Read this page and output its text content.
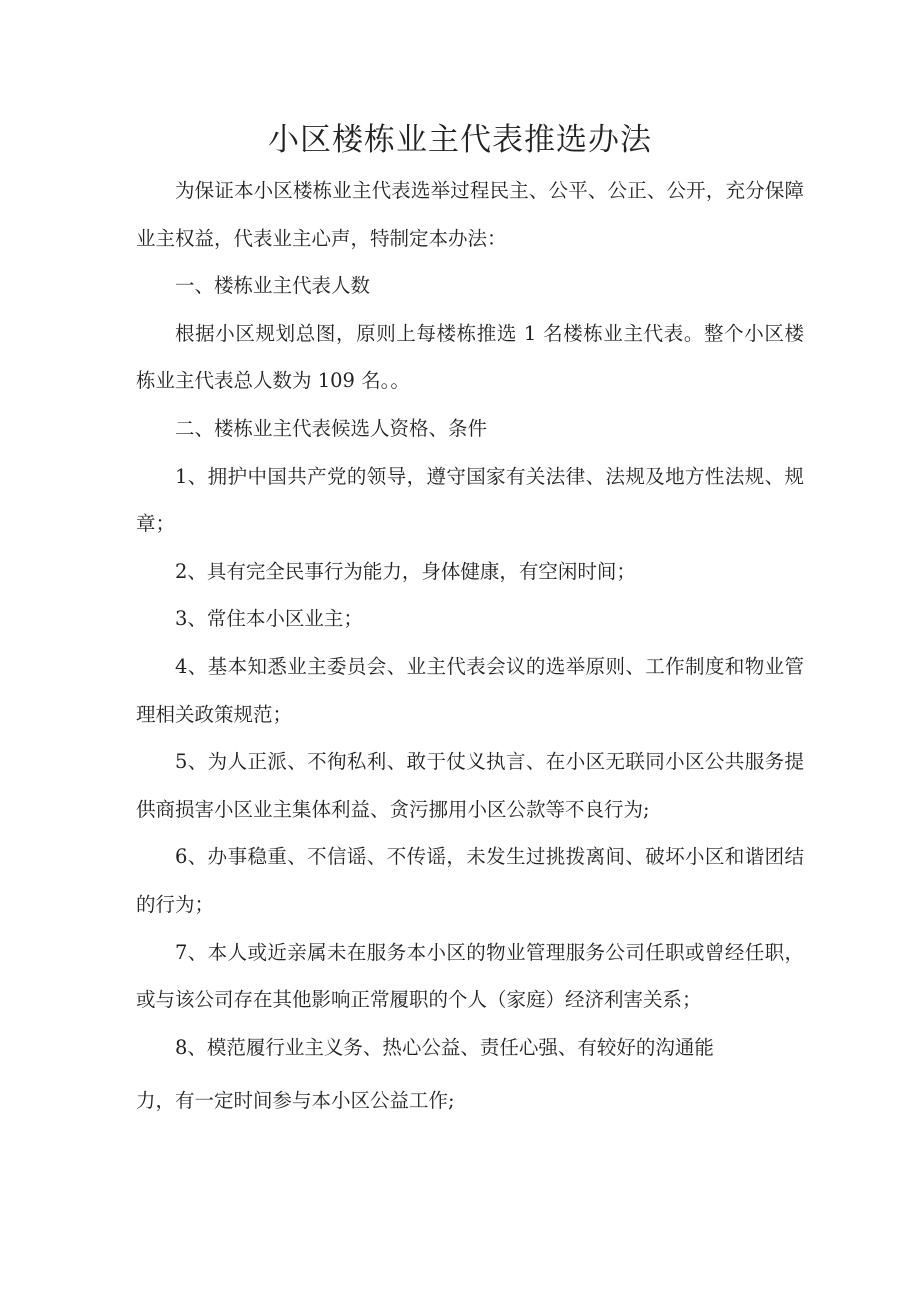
小区楼栋业主代表推选办法

为保证本小区楼栋业主代表选举过程民主、公平、公正、公开，充分保障业主权益，代表业主心声，特制定本办法：

一、楼栋业主代表人数

根据小区规划总图，原则上每楼栋推选 1 名楼栋业主代表。整个小区楼栋业主代表总人数为 109 名。。

二、楼栋业主代表候选人资格、条件

1、拥护中国共产党的领导，遵守国家有关法律、法规及地方性法规、规章；

2、具有完全民事行为能力，身体健康，有空闲时间；

3、常住本小区业主；

4、基本知悉业主委员会、业主代表会议的选举原则、工作制度和物业管理相关政策规范；

5、为人正派、不徇私利、敢于仗义执言、在小区无联同小区公共服务提供商损害小区业主集体利益、贪污挪用小区公款等不良行为;

6、办事稳重、不信谣、不传谣，未发生过挑拨离间、破坏小区和谐团结的行为；

7、本人或近亲属未在服务本小区的物业管理服务公司任职或曾经任职，或与该公司存在其他影响正常履职的个人（家庭）经济利害关系；

8、模范履行业主义务、热心公益、责任心强、有较好的沟通能

力，有一定时间参与本小区公益工作;
